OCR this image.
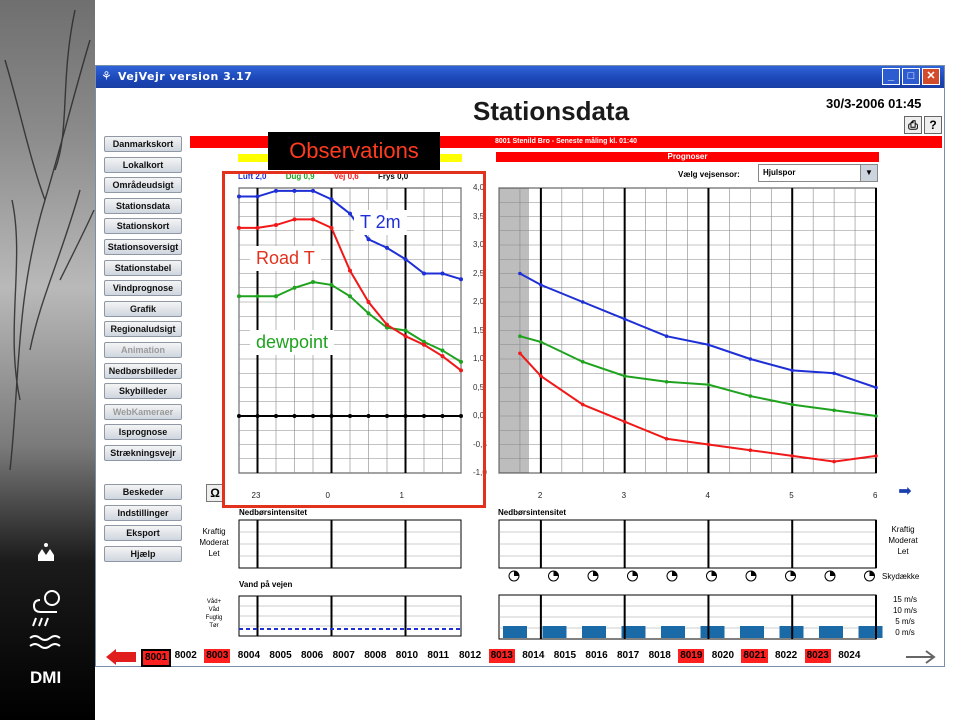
DMI
⚘ VejVejr version 3.17	_	□	✕
Stationsdata	30/3-2006 01:45
⎙ ?
Danmarkskort
Lokalkort
Områdeudsigt
Stationsdata
Stationskort
Stationsoversigt
Stationstabel
Vindprognose
Grafik
Regionaludsigt
Animation
Nedbørsbilleder
Skybilleder
WebKameraer
Isprognose
Strækningsvejr
Beskeder
Indstillinger
Eksport
Hjælp
8001 Stenild Bro - Seneste måling kl. 01:40
Prognoser
Vælg vejsensor:	Hjulspor	▼
Luft 2,0 Dug 0,9 Vej 0,6 Frys 0,0
4,0
3,5
3,0
2,5
2,0
1,5
1,0
0,5
0,0
-0,5
-1,0
23	0	1	2	3	4	5	6
Ω	➡
Observations
T 2m
Road T
dewpoint
Nedbørsintensitet	Nedbørsintensitet
Kraftig
Moderat
Let
Kraftig
Moderat
Let
Vand på vejen
Våd+
Våd
Fugtig
Tør
Skydække
15 m/s
10 m/s
5 m/s
0 m/s
8001 8002 8003 8004 8005 8006 8007 8008 8010 8011 8012 8013 8014 8015 8016 8017 8018 8019 8020 8021 8022 8023 8024
